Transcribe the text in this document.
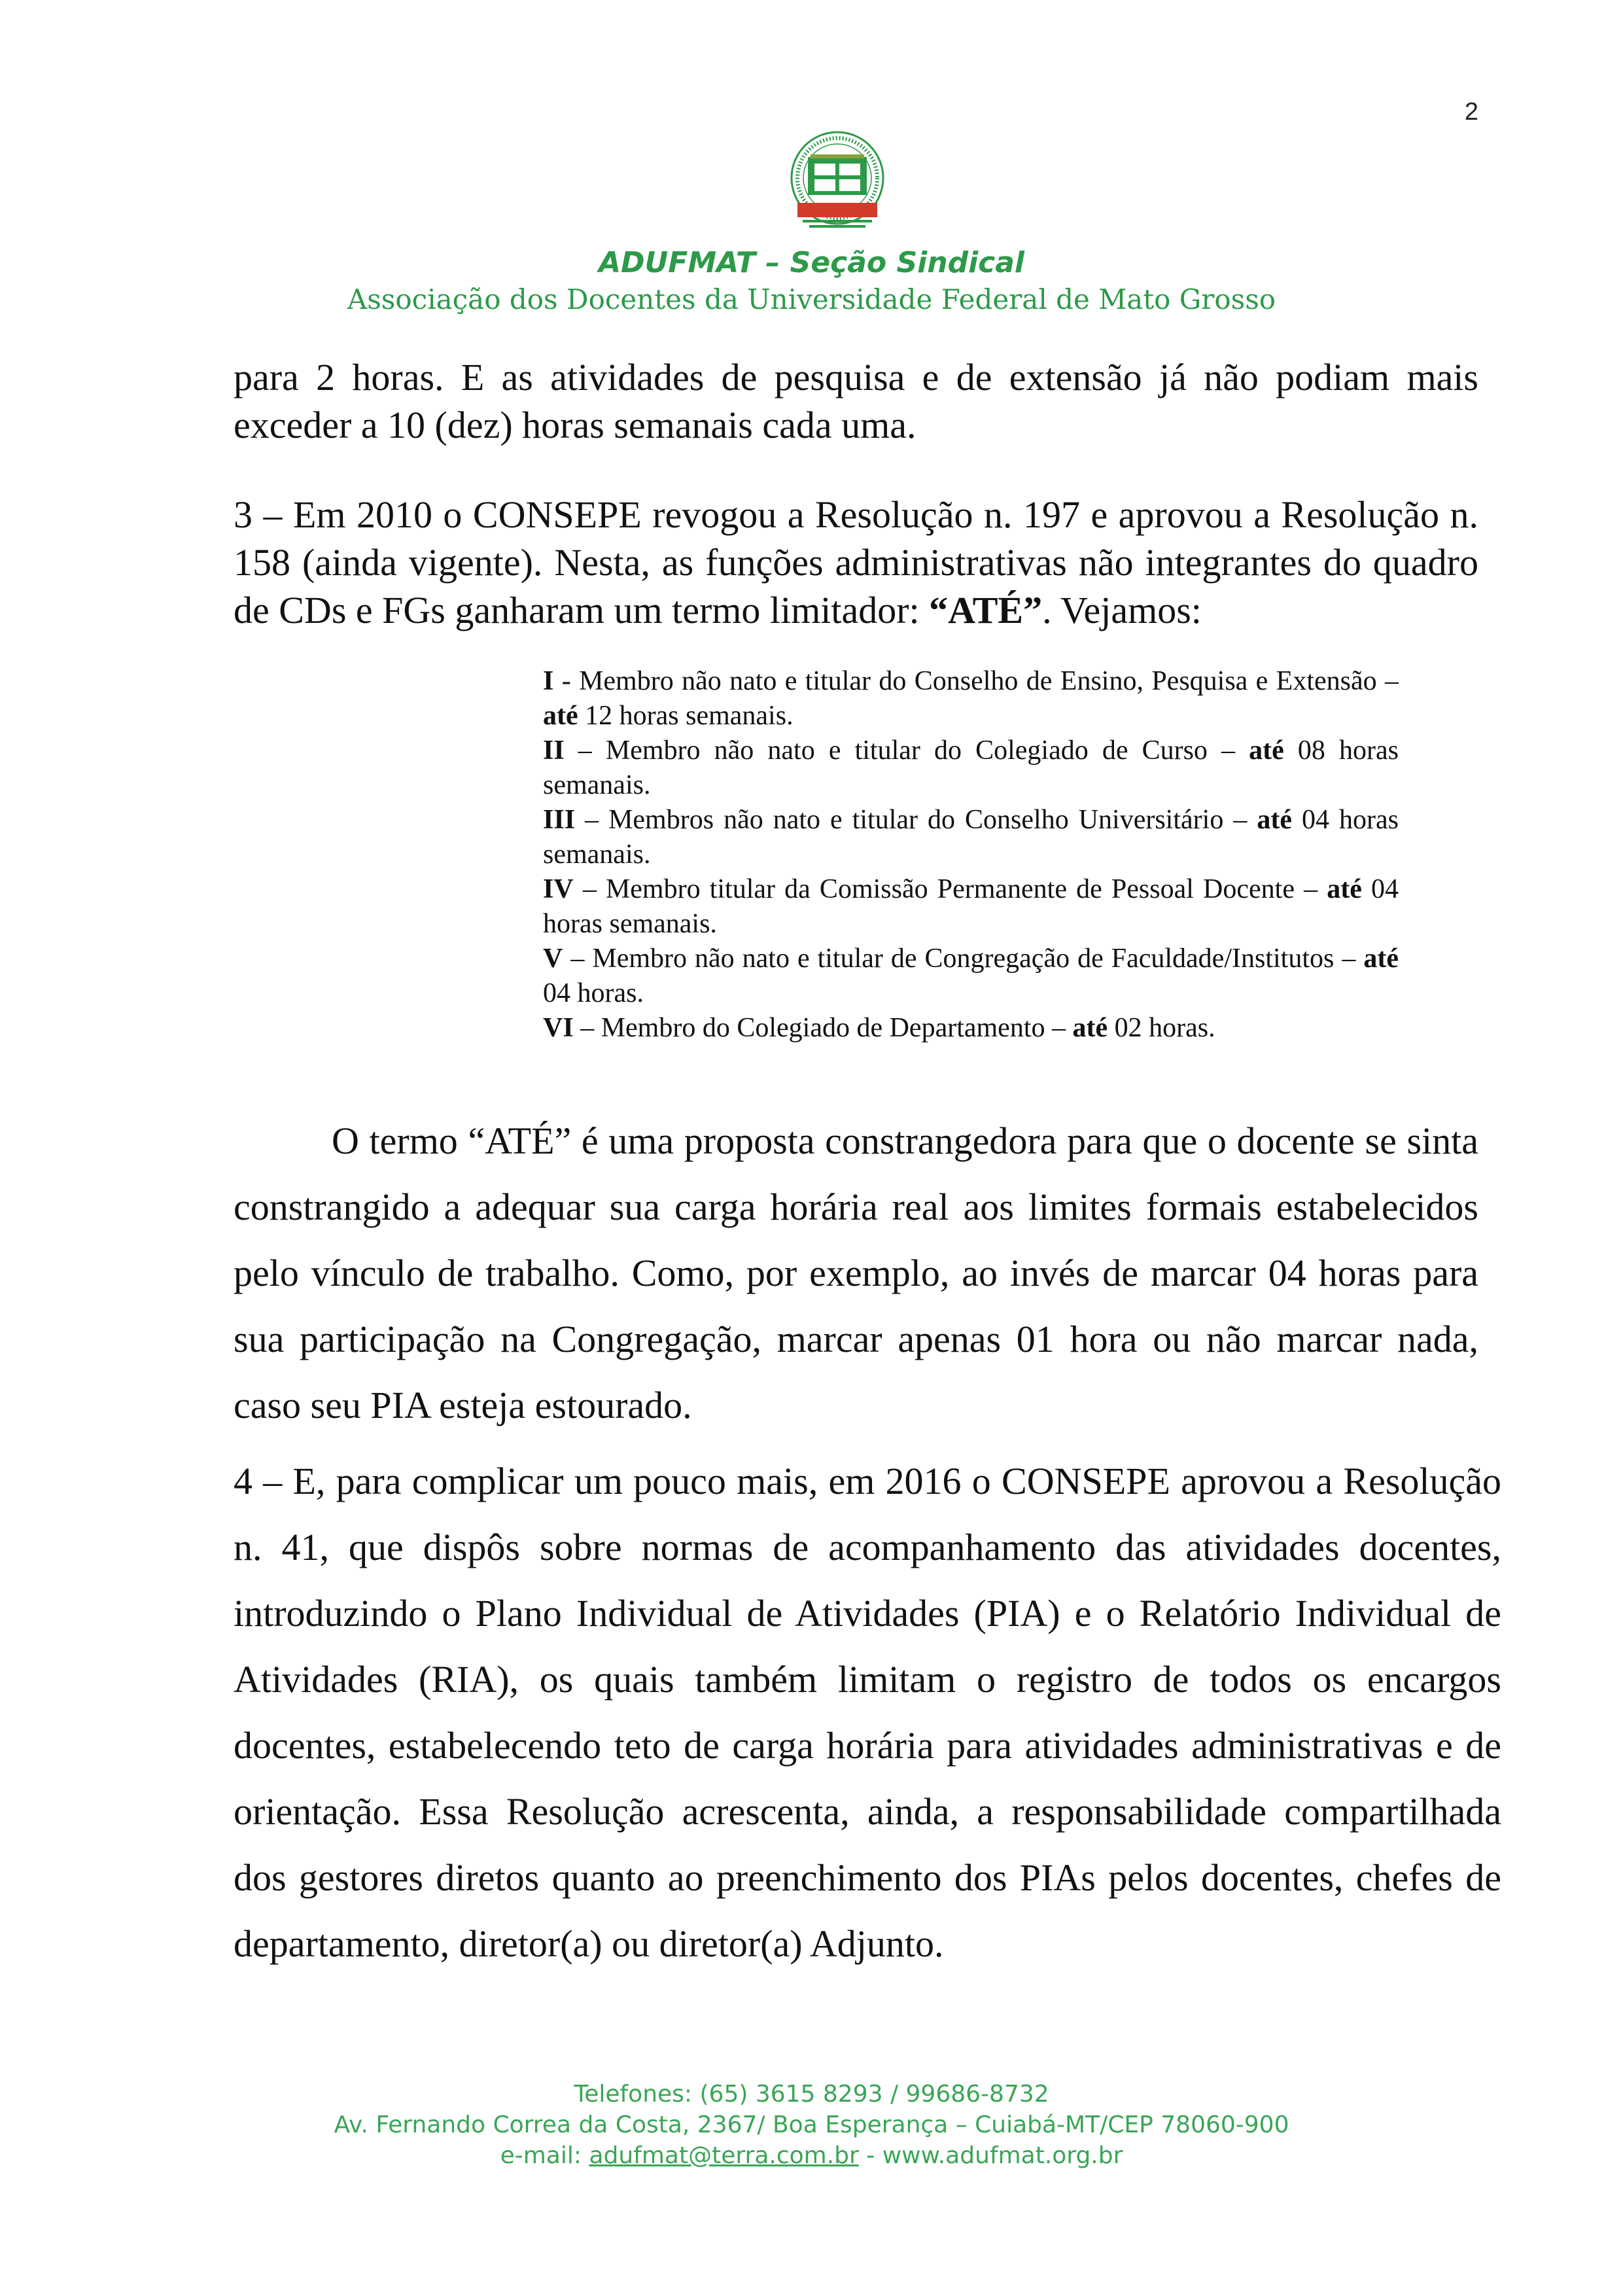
2
ADUFMAT – Seção Sindical
Associação dos Docentes da Universidade Federal de Mato Grosso
para 2 horas. E as atividades de pesquisa e de extensão já não podiam mais exceder a 10 (dez) horas semanais cada uma.
3 – Em 2010 o CONSEPE revogou a Resolução n. 197 e aprovou a Resolução n. 158 (ainda vigente). Nesta, as funções administrativas não integrantes do quadro de CDs e FGs ganharam um termo limitador: “ATÉ”. Vejamos:
I - Membro não nato e titular do Conselho de Ensino, Pesquisa e Extensão – até 12 horas semanais.
II – Membro não nato e titular do Colegiado de Curso – até 08 horas semanais.
III – Membros não nato e titular do Conselho Universitário – até 04 horas semanais.
IV – Membro titular da Comissão Permanente de Pessoal Docente – até 04 horas semanais.
V – Membro não nato e titular de Congregação de Faculdade/Institutos – até 04 horas.
VI – Membro do Colegiado de Departamento – até 02 horas.
O termo “ATÉ” é uma proposta constrangedora para que o docente se sinta constrangido a adequar sua carga horária real aos limites formais estabelecidos pelo vínculo de trabalho. Como, por exemplo, ao invés de marcar 04 horas para sua participação na Congregação, marcar apenas 01 hora ou não marcar nada, caso seu PIA esteja estourado.
4 – E, para complicar um pouco mais, em 2016 o CONSEPE aprovou a Resolução n. 41, que dispôs sobre normas de acompanhamento das atividades docentes, introduzindo o Plano Individual de Atividades (PIA) e o Relatório Individual de Atividades (RIA), os quais também limitam o registro de todos os encargos docentes, estabelecendo teto de carga horária para atividades administrativas e de orientação. Essa Resolução acrescenta, ainda, a responsabilidade compartilhada dos gestores diretos quanto ao preenchimento dos PIAs pelos docentes, chefes de departamento, diretor(a) ou diretor(a) Adjunto.
Telefones: (65) 3615 8293 / 99686-8732
Av. Fernando Correa da Costa, 2367/ Boa Esperança – Cuiabá-MT/CEP 78060-900
e-mail: adufmat@terra.com.br - www.adufmat.org.br
